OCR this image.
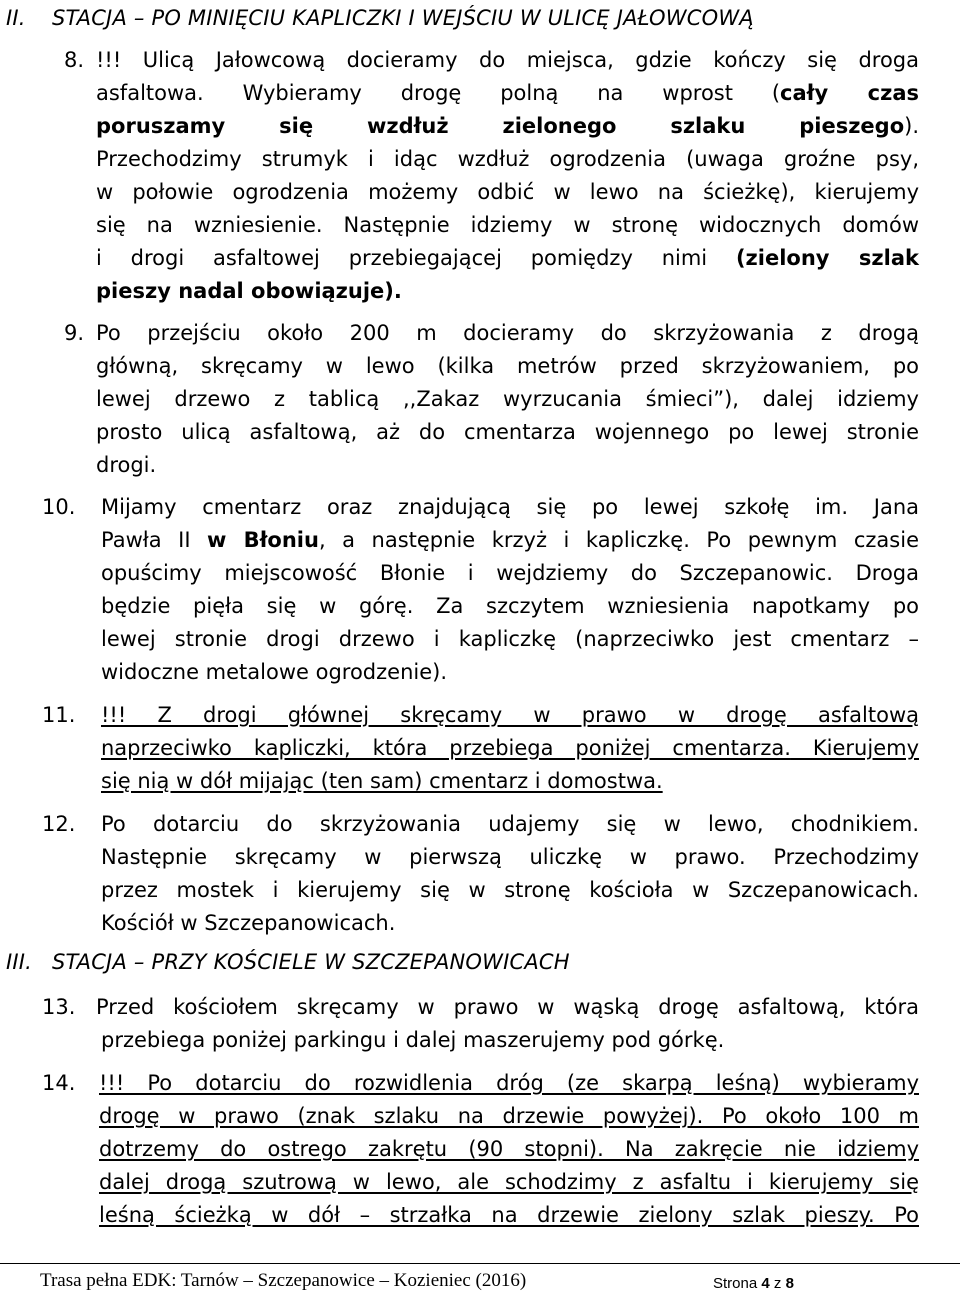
II. STACJA – PO MINIĘCIU KAPLICZKI I WEJŚCIU W ULICĘ JAŁOWCOWĄ
8. !!! Ulicą Jałowcową docieramy do miejsca, gdzie kończy się droga
asfaltowa. Wybieramy drogę polną na wprost (cały czas
poruszamy się wzdłuż zielonego szlaku pieszego).
Przechodzimy strumyk i idąc wzdłuż ogrodzenia (uwaga groźne psy,
w połowie ogrodzenia możemy odbić w lewo na ścieżkę), kierujemy
się na wzniesienie. Następnie idziemy w stronę widocznych domów
i drogi asfaltowej przebiegającej pomiędzy nimi (zielony szlak
pieszy nadal obowiązuje).
9. Po przejściu około 200 m docieramy do skrzyżowania z drogą
główną, skręcamy w lewo (kilka metrów przed skrzyżowaniem, po
lewej drzewo z tablicą ,,Zakaz wyrzucania śmieci”), dalej idziemy
prosto ulicą asfaltową, aż do cmentarza wojennego po lewej stronie
drogi.
10. Mijamy cmentarz oraz znajdującą się po lewej szkołę im. Jana
Pawła II w Błoniu, a następnie krzyż i kapliczkę. Po pewnym czasie
opuścimy miejscowość Błonie i wejdziemy do Szczepanowic. Droga
będzie pięła się w górę. Za szczytem wzniesienia napotkamy po
lewej stronie drogi drzewo i kapliczkę (naprzeciwko jest cmentarz –
widoczne metalowe ogrodzenie).
11. !!! Z drogi głównej skręcamy w prawo w drogę asfaltową
naprzeciwko kapliczki, która przebiega poniżej cmentarza. Kierujemy
się nią w dół mijając (ten sam) cmentarz i domostwa.
12. Po dotarciu do skrzyżowania udajemy się w lewo, chodnikiem.
Następnie skręcamy w pierwszą uliczkę w prawo. Przechodzimy
przez mostek i kierujemy się w stronę kościoła w Szczepanowicach.
Kościół w Szczepanowicach.
III. STACJA – PRZY KOŚCIELE W SZCZEPANOWICACH
13. Przed kościołem skręcamy w prawo w wąską drogę asfaltową, która
przebiega poniżej parkingu i dalej maszerujemy pod górkę.
14. !!! Po dotarciu do rozwidlenia dróg (ze skarpą leśną) wybieramy
drogę w prawo (znak szlaku na drzewie powyżej). Po około 100 m
dotrzemy do ostrego zakrętu (90 stopni). Na zakręcie nie idziemy
dalej drogą szutrową w lewo, ale schodzimy z asfaltu i kierujemy się
leśną ścieżką w dół – strzałka na drzewie zielony szlak pieszy. Po
Trasa pełna EDK: Tarnów – Szczepanowice – Kozieniec (2016)	Strona 4 z 8
